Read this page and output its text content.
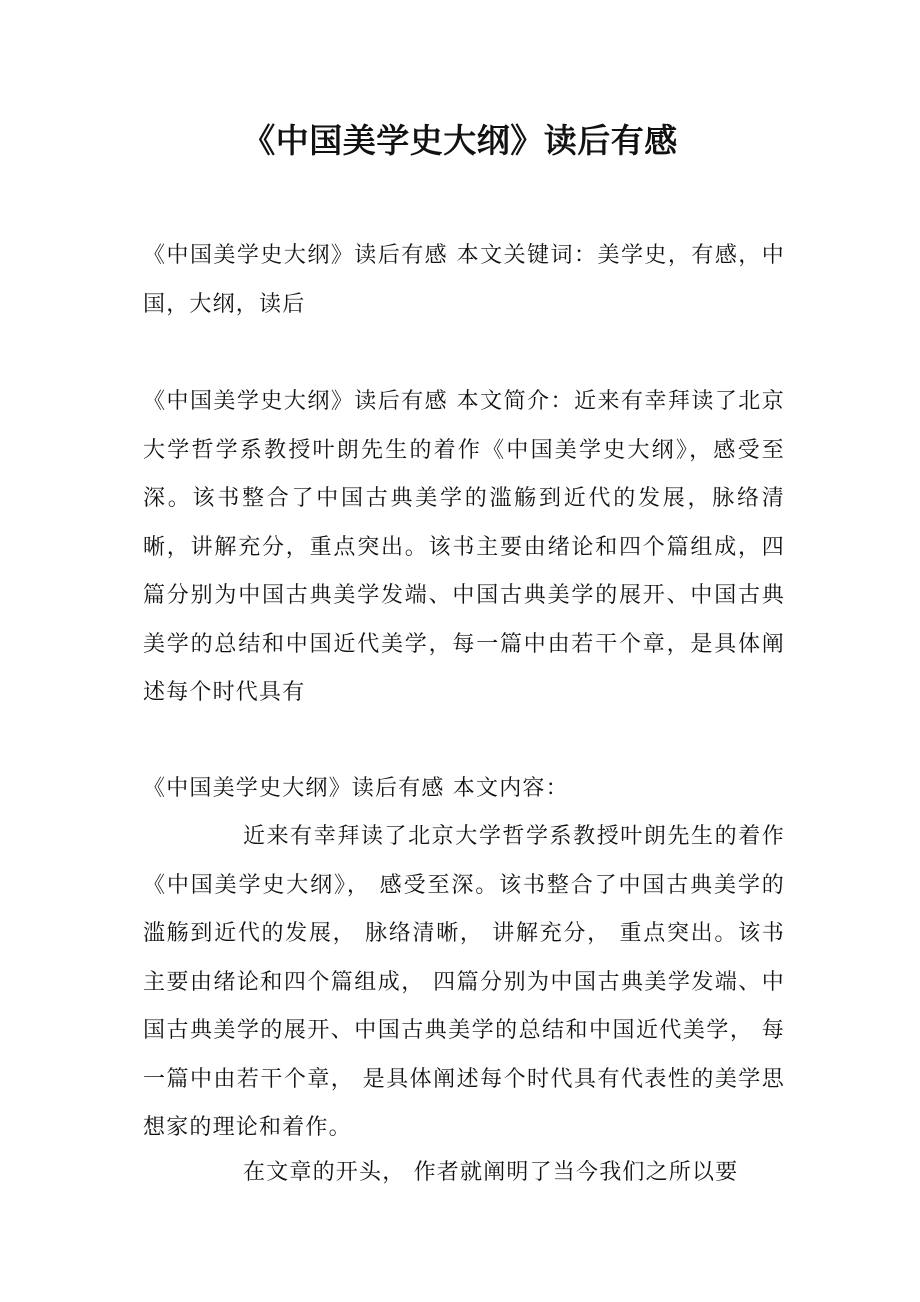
《中国美学史大纲》读后有感

《中国美学史大纲》读后有感 本文关键词：美学史，有感，中国，大纲，读后

《中国美学史大纲》读后有感 本文简介：近来有幸拜读了北京大学哲学系教授叶朗先生的着作《中国美学史大纲》，感受至深。该书整合了中国古典美学的滥觞到近代的发展，脉络清晰，讲解充分，重点突出。该书主要由绪论和四个篇组成，四篇分别为中国古典美学发端、中国古典美学的展开、中国古典美学的总结和中国近代美学，每一篇中由若干个章，是具体阐述每个时代具有

《中国美学史大纲》读后有感 本文内容：

近来有幸拜读了北京大学哲学系教授叶朗先生的着作《中国美学史大纲》， 感受至深。该书整合了中国古典美学的滥觞到近代的发展， 脉络清晰， 讲解充分， 重点突出。该书主要由绪论和四个篇组成， 四篇分别为中国古典美学发端、中国古典美学的展开、中国古典美学的总结和中国近代美学， 每一篇中由若干个章， 是具体阐述每个时代具有代表性的美学思想家的理论和着作。

在文章的开头， 作者就阐明了当今我们之所以要
